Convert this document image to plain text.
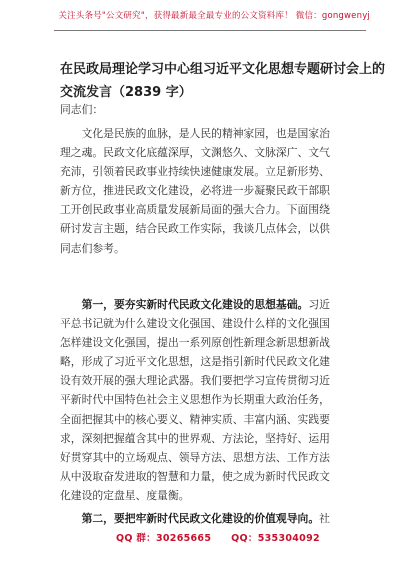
关注头条号"公文研究"，获得最新最全最专业的公文资料库！ 微信：gongwenyj
在民政局理论学习中心组习近平文化思想专题研讨会上的
交流发言（2839 字）
同志们：
　　文化是民族的血脉，是人民的精神家园，也是国家治
理之魂。民政文化底蕴深厚，文渊悠久、文脉深广、文气
充沛，引领着民政事业持续快速健康发展。立足新形势、
新方位，推进民政文化建设，必将进一步凝聚民政干部职
工开创民政事业高质量发展新局面的强大合力。下面围绕
研讨发言主题，结合民政工作实际，我谈几点体会，以供
同志们参考。
　　第一，要夯实新时代民政文化建设的思想基础。习近
平总书记就为什么建设文化强国、建设什么样的文化强国
怎样建设文化强国，提出一系列原创性新理念新思想新战
略，形成了习近平文化思想，这是指引新时代民政文化建
设有效开展的强大理论武器。我们要把学习宣传贯彻习近
平新时代中国特色社会主义思想作为长期重大政治任务，
全面把握其中的核心要义、精神实质、丰富内涵、实践要
求，深刻把握蕴含其中的世界观、方法论，坚持好、运用
好贯穿其中的立场观点、领导方法、思想方法、工作方法
从中汲取奋发进取的智慧和力量，使之成为新时代民政文
化建设的定盘星、度量衡。
　　第二，要把牢新时代民政文化建设的价值观导向。社
QQ 群：30265665 QQ：535304092
